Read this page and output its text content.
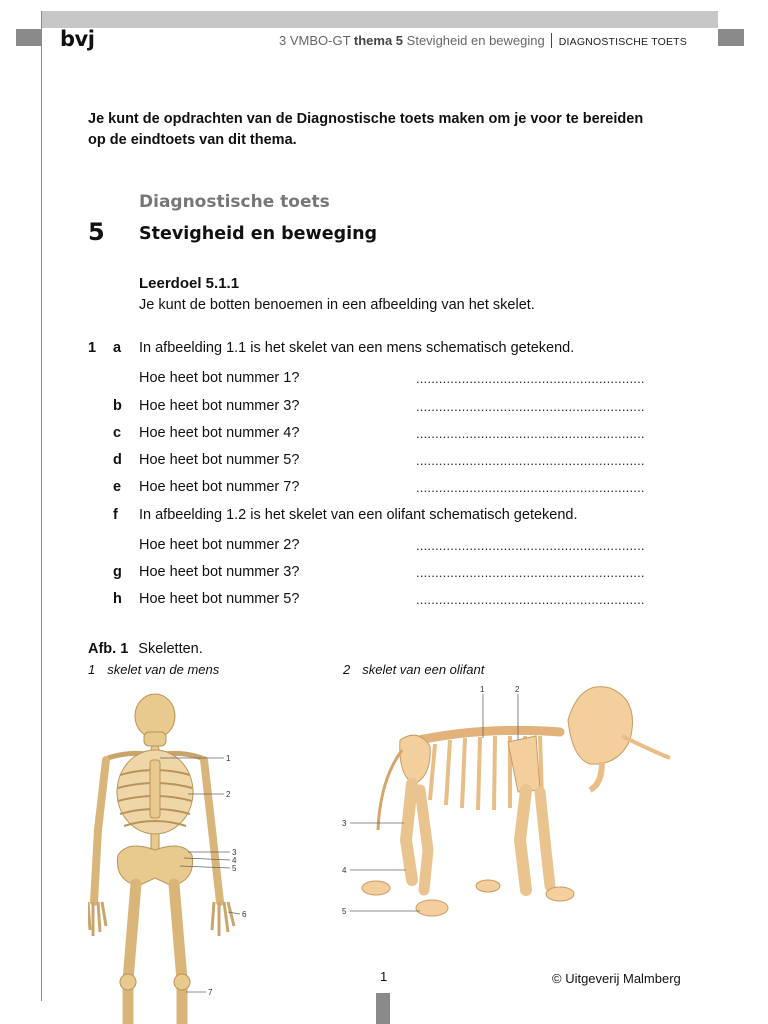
bvj	3 VMBO-GT thema 5 Stevigheid en beweging DIAGNOSTISCHE TOETS
Je kunt de opdrachten van de Diagnostische toets maken om je voor te bereiden op de eindtoets van dit thema.
Diagnostische toets
5 Stevigheid en beweging
Leerdoel 5.1.1
Je kunt de botten benoemen in een afbeelding van het skelet.
1 a In afbeelding 1.1 is het skelet van een mens schematisch getekend.
Hoe heet bot nummer 1?	............................................................
b Hoe heet bot nummer 3?	............................................................
c Hoe heet bot nummer 4?	............................................................
d Hoe heet bot nummer 5?	............................................................
e Hoe heet bot nummer 7?	............................................................
f In afbeelding 1.2 is het skelet van een olifant schematisch getekend.
Hoe heet bot nummer 2?	............................................................
g Hoe heet bot nummer 3?	............................................................
h Hoe heet bot nummer 5?	............................................................
Afb. 1 Skeletten.
1 skelet van de mens	2 skelet van een olifant
1
2
3
4
5
6
7
1	2
3
4
5
1	© Uitgeverij Malmberg
